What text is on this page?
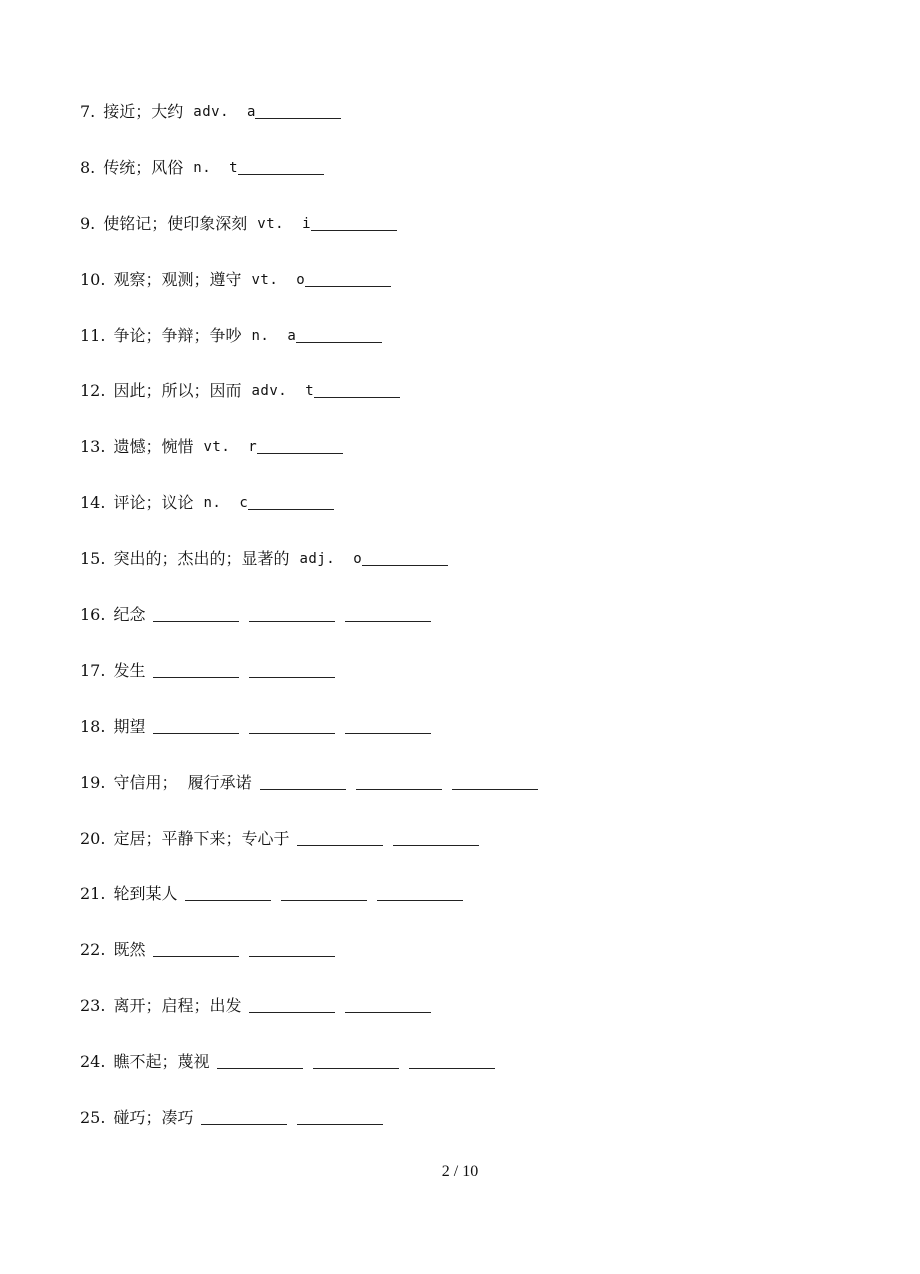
7. 接近；大约 adv. a
8. 传统；风俗 n. t
9. 使铭记；使印象深刻 vt. i
10. 观察；观测；遵守 vt. o
11. 争论；争辩；争吵 n. a
12. 因此；所以；因而 adv. t
13. 遗憾；惋惜 vt. r
14. 评论；议论 n. c
15. 突出的；杰出的；显著的 adj. o
16. 纪念
17. 发生
18. 期望
19. 守信用；  履行承诺
20. 定居；平静下来；专心于
21. 轮到某人
22. 既然
23. 离开；启程；出发
24. 瞧不起；蔑视
25. 碰巧；凑巧
2 / 10
